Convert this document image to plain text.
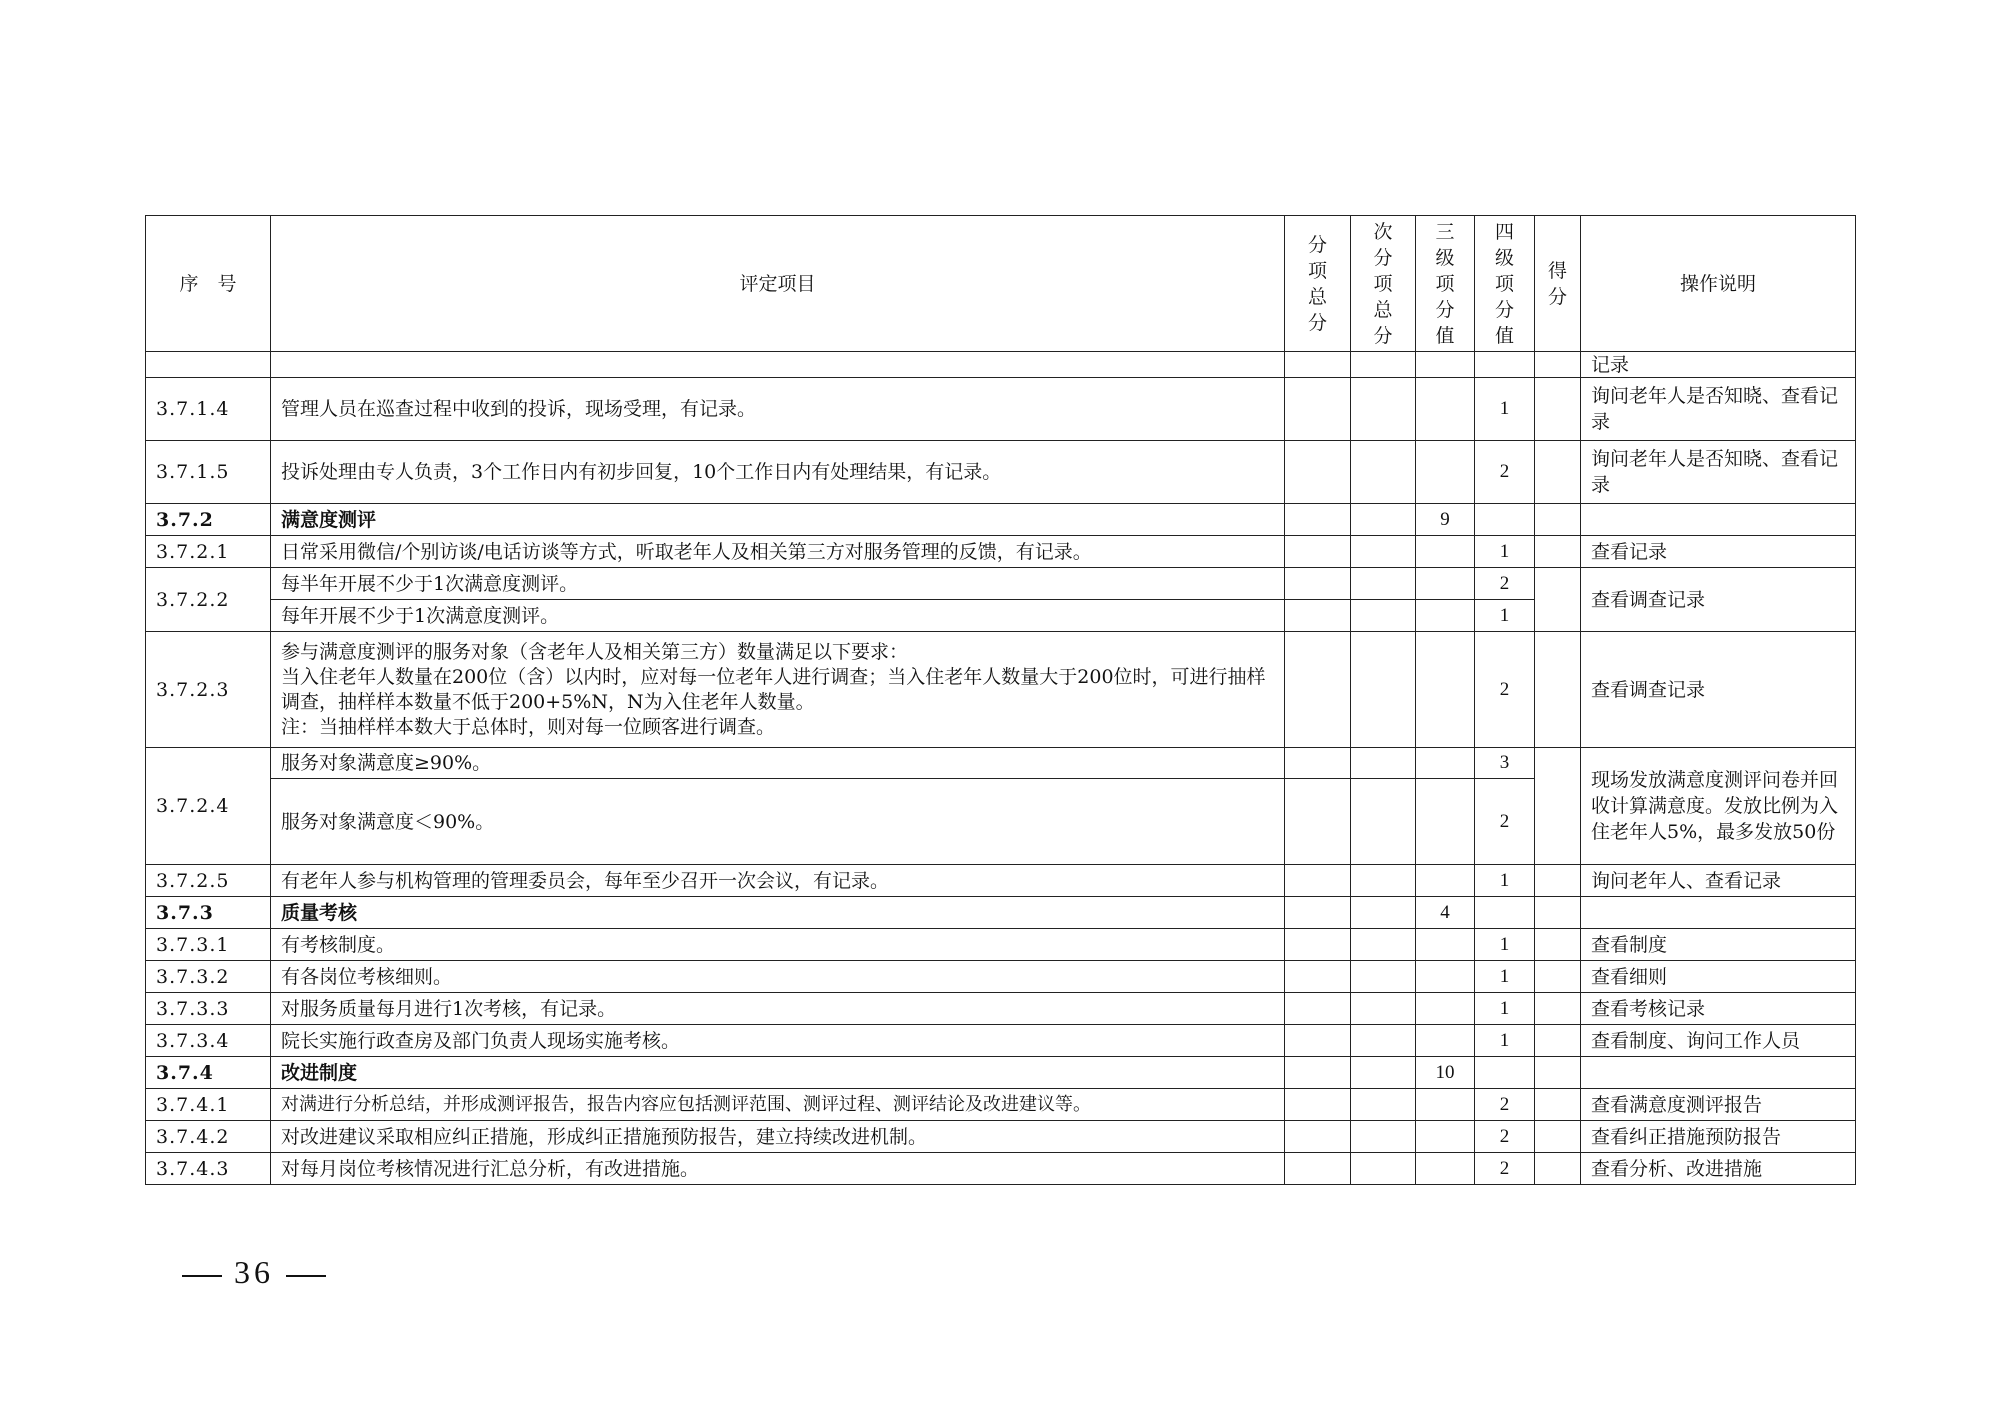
序　号	评定项目	分项总分	次分项总分	三级项分值	四级项分值	得分	操作说明
							记录
3.7.1.4	管理人员在巡查过程中收到的投诉，现场受理，有记录。				1		询问老年人是否知晓、查看记录
3.7.1.5	投诉处理由专人负责，3个工作日内有初步回复，10个工作日内有处理结果，有记录。				2		询问老年人是否知晓、查看记录
3.7.2	满意度测评			9			
3.7.2.1	日常采用微信/个别访谈/电话访谈等方式，听取老年人及相关第三方对服务管理的反馈，有记录。				1		查看记录
3.7.2.2	每半年开展不少于1次满意度测评。				2		查看调查记录
	每年开展不少于1次满意度测评。				1		
3.7.2.3	参与满意度测评的服务对象（含老年人及相关第三方）数量满足以下要求：
当入住老年人数量在200位（含）以内时，应对每一位老年人进行调查；当入住老年人数量大于200位时，可进行抽样调查，抽样样本数量不低于200+5%N，N为入住老年人数量。
注：当抽样样本数大于总体时，则对每一位顾客进行调查。				2		查看调查记录
3.7.2.4	服务对象满意度≥90%。				3		现场发放满意度测评问卷并回收计算满意度。发放比例为入住老年人5%，最多发放50份
	服务对象满意度＜90%。				2		
3.7.2.5	有老年人参与机构管理的管理委员会，每年至少召开一次会议，有记录。				1		询问老年人、查看记录
3.7.3	质量考核			4			
3.7.3.1	有考核制度。				1		查看制度
3.7.3.2	有各岗位考核细则。				1		查看细则
3.7.3.3	对服务质量每月进行1次考核，有记录。				1		查看考核记录
3.7.3.4	院长实施行政查房及部门负责人现场实施考核。				1		查看制度、询问工作人员
3.7.4	改进制度			10			
3.7.4.1	对满进行分析总结，并形成测评报告，报告内容应包括测评范围、测评过程、测评结论及改进建议等。				2		查看满意度测评报告
3.7.4.2	对改进建议采取相应纠正措施，形成纠正措施预防报告，建立持续改进机制。				2		查看纠正措施预防报告
3.7.4.3	对每月岗位考核情况进行汇总分析，有改进措施。				2		查看分析、改进措施
36
